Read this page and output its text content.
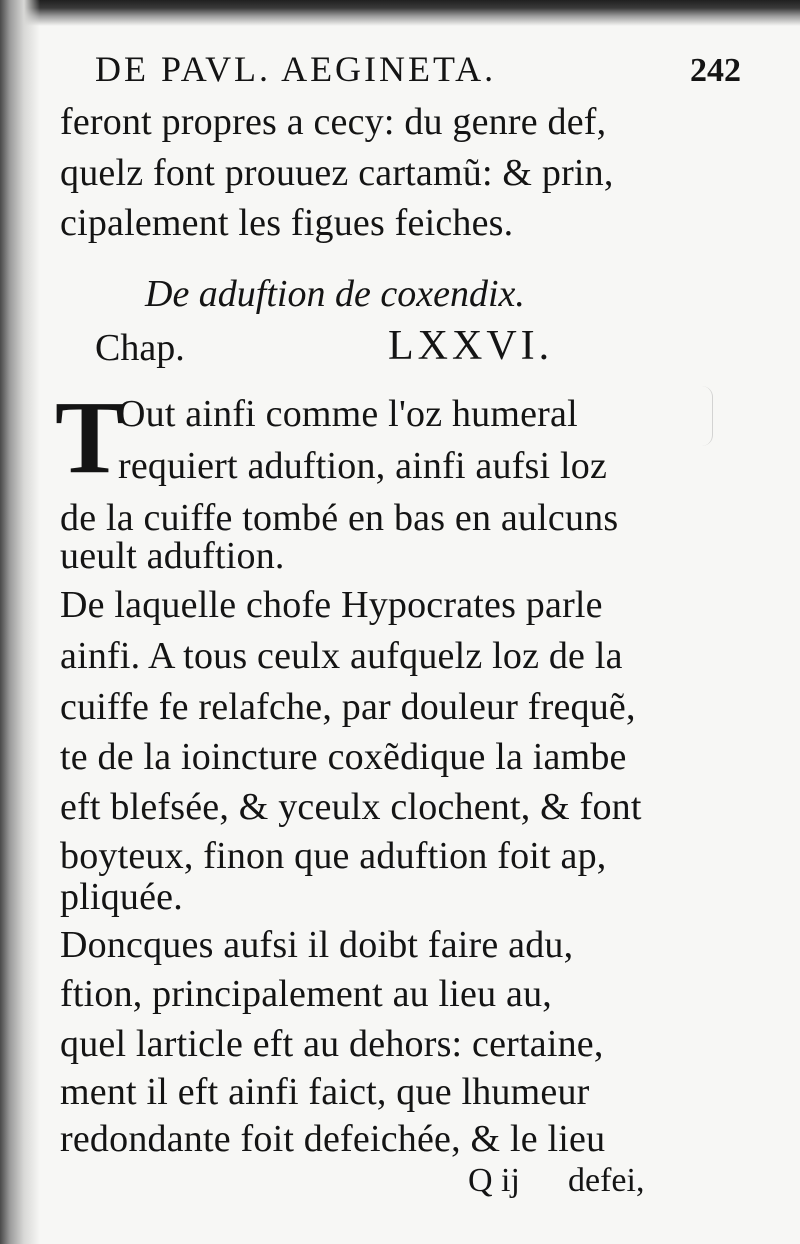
DE PAVL. AEGINETA.	242
feront propres a cecy: du genre def,
quelz font prouuez cartamũ: & prin,
cipalement les figues feiches.
De aduftion de coxendix.
Chap.	LXXVI.
T
Out ainfi comme l'oz humeral
requiert aduftion, ainfi aufsi loz
de la cuiffe tombé en bas en aulcuns
ueult aduftion.
De laquelle chofe Hypocrates parle
ainfi. A tous ceulx aufquelz loz de la
cuiffe fe relafche, par douleur frequẽ,
te de la ioincture coxẽdique la iambe
eft blefsée, & yceulx clochent, & font
boyteux, finon que aduftion foit ap,
pliquée.
Doncques aufsi il doibt faire adu,
ftion, principalement au lieu au,
quel larticle eft au dehors: certaine,
ment il eft ainfi faict, que lhumeur
redondante foit defeichée, & le lieu
Q ij defei,
